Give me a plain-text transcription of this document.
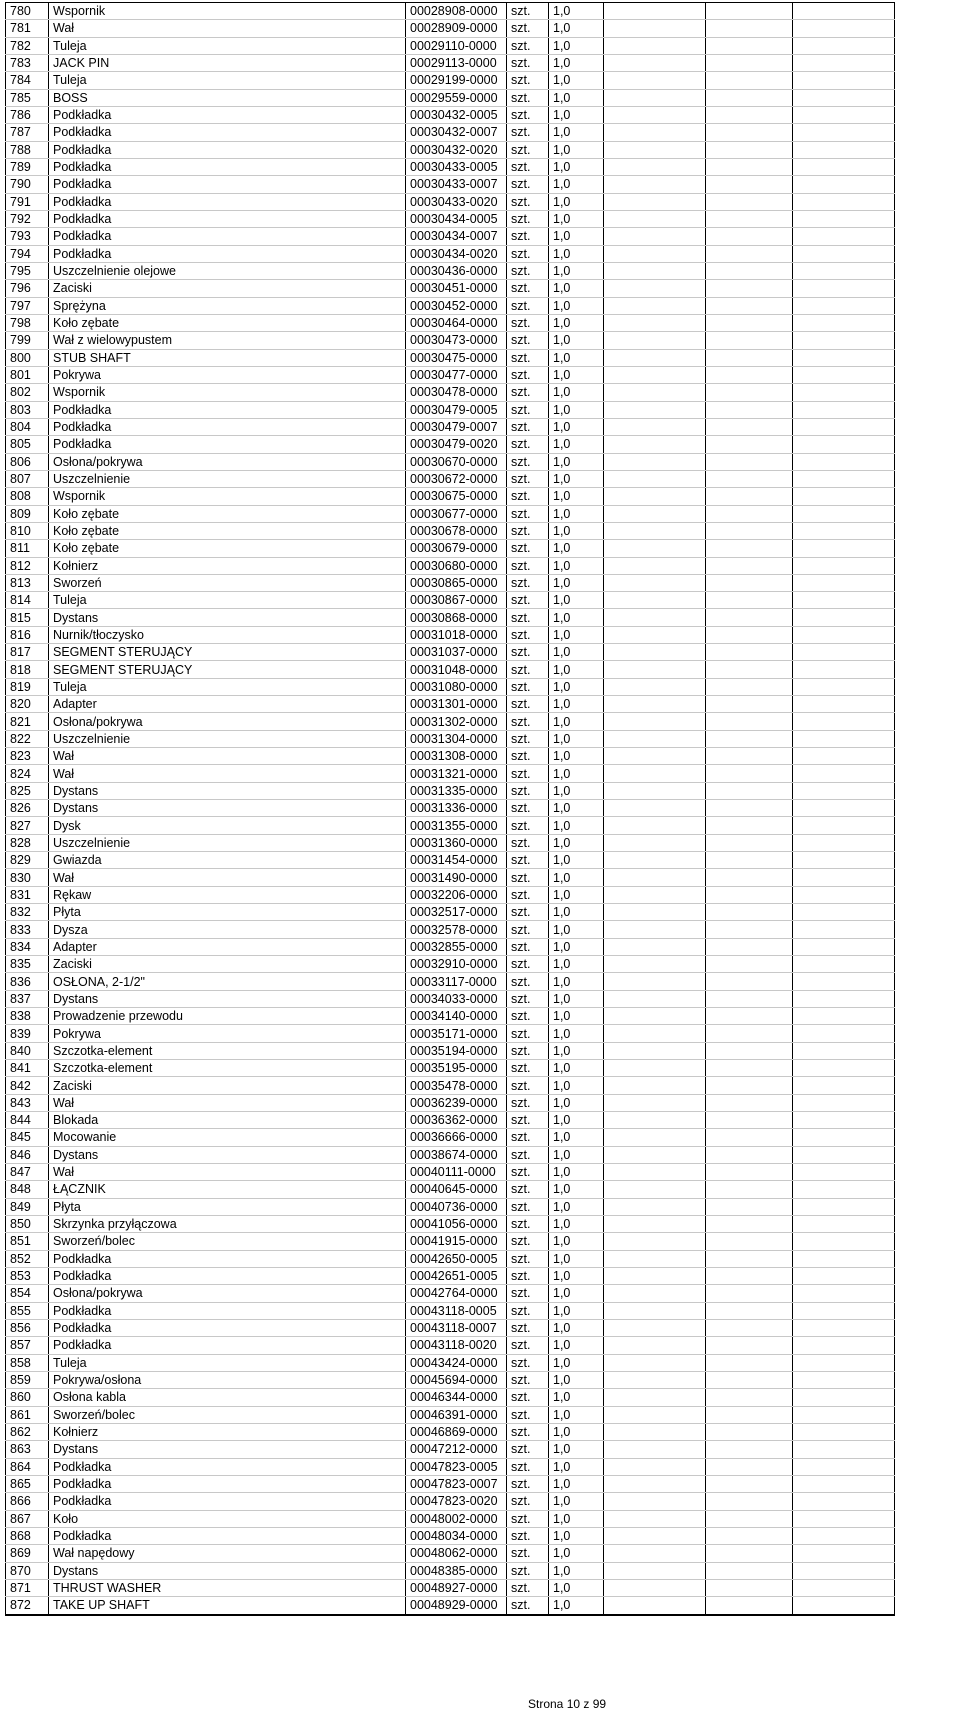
780	Wspornik	00028908-0000	szt.	1,0			
781	Wał	00028909-0000	szt.	1,0			
782	Tuleja	00029110-0000	szt.	1,0			
783	JACK PIN	00029113-0000	szt.	1,0			
784	Tuleja	00029199-0000	szt.	1,0			
785	BOSS	00029559-0000	szt.	1,0			
786	Podkładka	00030432-0005	szt.	1,0			
787	Podkładka	00030432-0007	szt.	1,0			
788	Podkładka	00030432-0020	szt.	1,0			
789	Podkładka	00030433-0005	szt.	1,0			
790	Podkładka	00030433-0007	szt.	1,0			
791	Podkładka	00030433-0020	szt.	1,0			
792	Podkładka	00030434-0005	szt.	1,0			
793	Podkładka	00030434-0007	szt.	1,0			
794	Podkładka	00030434-0020	szt.	1,0			
795	Uszczelnienie olejowe	00030436-0000	szt.	1,0			
796	Zaciski	00030451-0000	szt.	1,0			
797	Sprężyna	00030452-0000	szt.	1,0			
798	Koło zębate	00030464-0000	szt.	1,0			
799	Wał z wielowypustem	00030473-0000	szt.	1,0			
800	STUB SHAFT	00030475-0000	szt.	1,0			
801	Pokrywa	00030477-0000	szt.	1,0			
802	Wspornik	00030478-0000	szt.	1,0			
803	Podkładka	00030479-0005	szt.	1,0			
804	Podkładka	00030479-0007	szt.	1,0			
805	Podkładka	00030479-0020	szt.	1,0			
806	Osłona/pokrywa	00030670-0000	szt.	1,0			
807	Uszczelnienie	00030672-0000	szt.	1,0			
808	Wspornik	00030675-0000	szt.	1,0			
809	Koło zębate	00030677-0000	szt.	1,0			
810	Koło zębate	00030678-0000	szt.	1,0			
811	Koło zębate	00030679-0000	szt.	1,0			
812	Kołnierz	00030680-0000	szt.	1,0			
813	Sworzeń	00030865-0000	szt.	1,0			
814	Tuleja	00030867-0000	szt.	1,0			
815	Dystans	00030868-0000	szt.	1,0			
816	Nurnik/tłoczysko	00031018-0000	szt.	1,0			
817	SEGMENT STERUJĄCY	00031037-0000	szt.	1,0			
818	SEGMENT STERUJĄCY	00031048-0000	szt.	1,0			
819	Tuleja	00031080-0000	szt.	1,0			
820	Adapter	00031301-0000	szt.	1,0			
821	Osłona/pokrywa	00031302-0000	szt.	1,0			
822	Uszczelnienie	00031304-0000	szt.	1,0			
823	Wał	00031308-0000	szt.	1,0			
824	Wał	00031321-0000	szt.	1,0			
825	Dystans	00031335-0000	szt.	1,0			
826	Dystans	00031336-0000	szt.	1,0			
827	Dysk	00031355-0000	szt.	1,0			
828	Uszczelnienie	00031360-0000	szt.	1,0			
829	Gwiazda	00031454-0000	szt.	1,0			
830	Wał	00031490-0000	szt.	1,0			
831	Rękaw	00032206-0000	szt.	1,0			
832	Płyta	00032517-0000	szt.	1,0			
833	Dysza	00032578-0000	szt.	1,0			
834	Adapter	00032855-0000	szt.	1,0			
835	Zaciski	00032910-0000	szt.	1,0			
836	OSŁONA, 2-1/2"	00033117-0000	szt.	1,0			
837	Dystans	00034033-0000	szt.	1,0			
838	Prowadzenie przewodu	00034140-0000	szt.	1,0			
839	Pokrywa	00035171-0000	szt.	1,0			
840	Szczotka-element	00035194-0000	szt.	1,0			
841	Szczotka-element	00035195-0000	szt.	1,0			
842	Zaciski	00035478-0000	szt.	1,0			
843	Wał	00036239-0000	szt.	1,0			
844	Blokada	00036362-0000	szt.	1,0			
845	Mocowanie	00036666-0000	szt.	1,0			
846	Dystans	00038674-0000	szt.	1,0			
847	Wał	00040111-0000	szt.	1,0			
848	ŁĄCZNIK	00040645-0000	szt.	1,0			
849	Płyta	00040736-0000	szt.	1,0			
850	Skrzynka przyłączowa	00041056-0000	szt.	1,0			
851	Sworzeń/bolec	00041915-0000	szt.	1,0			
852	Podkładka	00042650-0005	szt.	1,0			
853	Podkładka	00042651-0005	szt.	1,0			
854	Osłona/pokrywa	00042764-0000	szt.	1,0			
855	Podkładka	00043118-0005	szt.	1,0			
856	Podkładka	00043118-0007	szt.	1,0			
857	Podkładka	00043118-0020	szt.	1,0			
858	Tuleja	00043424-0000	szt.	1,0			
859	Pokrywa/osłona	00045694-0000	szt.	1,0			
860	Osłona kabla	00046344-0000	szt.	1,0			
861	Sworzeń/bolec	00046391-0000	szt.	1,0			
862	Kołnierz	00046869-0000	szt.	1,0			
863	Dystans	00047212-0000	szt.	1,0			
864	Podkładka	00047823-0005	szt.	1,0			
865	Podkładka	00047823-0007	szt.	1,0			
866	Podkładka	00047823-0020	szt.	1,0			
867	Koło	00048002-0000	szt.	1,0			
868	Podkładka	00048034-0000	szt.	1,0			
869	Wał napędowy	00048062-0000	szt.	1,0			
870	Dystans	00048385-0000	szt.	1,0			
871	THRUST WASHER	00048927-0000	szt.	1,0			
872	TAKE UP SHAFT	00048929-0000	szt.	1,0			
Strona 10 z 99
